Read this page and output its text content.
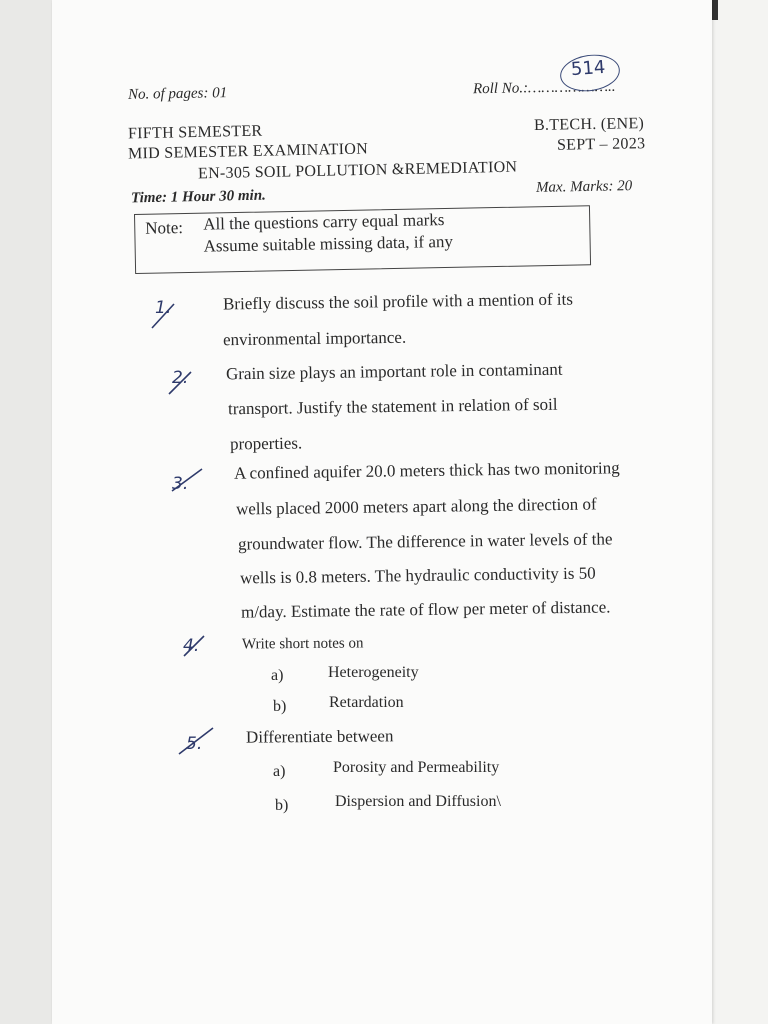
No. of pages: 01	Roll No.:………………..
514
FIFTH SEMESTER
MID SEMESTER EXAMINATION
EN-305 SOIL POLLUTION &REMEDIATION
B.TECH. (ENE)
SEPT – 2023
Time: 1 Hour 30 min.
Max. Marks: 20
Note: All the questions carry equal marks
Assume suitable missing data, if any
1.	Briefly discuss the soil profile with a mention of its
environmental importance.
2. Grain size plays an important role in contaminant
transport. Justify the statement in relation of soil
properties.
3.
A confined aquifer 20.0 meters thick has two monitoring
wells placed 2000 meters apart along the direction of
groundwater flow. The difference in water levels of the
wells is 0.8 meters. The hydraulic conductivity is 50
m/day. Estimate the rate of flow per meter of distance.
4.	Write short notes on
a)	Heterogeneity
b)	Retardation
5.	Differentiate between
a)	Porosity and Permeability
b)	Dispersion and Diffusion\
